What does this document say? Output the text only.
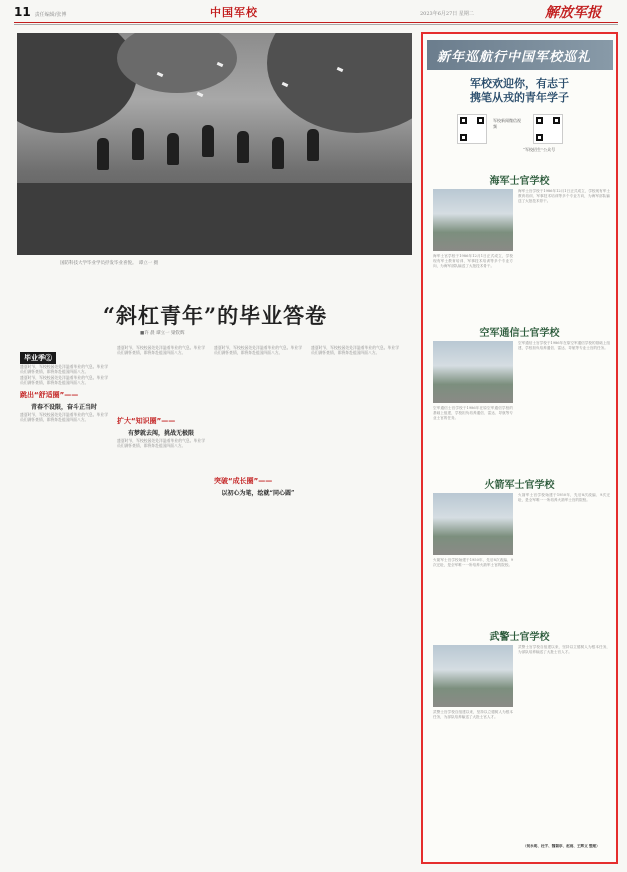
11 责任编辑/张博	中国军校	2023年6月27日 星期二	解放军报
国防科技大学毕业学员抒发毕业喜悦。　 谭立一 摄
“斜杠青年”的毕业答卷
■许 晨 谭立一 梁钦辉
毕业季②

盛夏时节，军校校园处处洋溢着毕业的气息。毕业学员们满怀豪情，即将奔赴祖国四面八方。

盛夏时节，军校校园处处洋溢着毕业的气息。毕业学员们满怀豪情，即将奔赴祖国四面八方。

跳出“舒适圈”——
青春不设限，奋斗正当时

盛夏时节，军校校园处处洋溢着毕业的气息。毕业学员们满怀豪情，即将奔赴祖国四面八方。

盛夏时节，军校校园处处洋溢着毕业的气息。毕业学员们满怀豪情，即将奔赴祖国四面八方。

扩大“知识圈”——
有梦就去闯，挑战无极限

盛夏时节，军校校园处处洋溢着毕业的气息。毕业学员们满怀豪情，即将奔赴祖国四面八方。

盛夏时节，军校校园处处洋溢着毕业的气息。毕业学员们满怀豪情，即将奔赴祖国四面八方。

突破“成长圈”——
以初心为笔，绘就“同心圆”

盛夏时节，军校校园处处洋溢着毕业的气息。毕业学员们满怀豪情，即将奔赴祖国四面八方。

新年巡航行中国军校巡礼
军校欢迎你，有志于
携笔从戎的青年学子
军校新闻微信视频
“军校招生”公众号
海军士官学校
海军士官学校于1986年12月1日正式成立，学校现有军士教育培训、军事技术培训等多个专业方向，为海军部队输送了大批技术骨干。
海军士官学校于1986年12月1日正式成立，学校现有军士教育培训、军事技术培训等多个专业方向，为海军部队输送了大批技术骨干。
空军通信士官学校
空军通信士官学校于1986年在原空军通信学校的基础上组建，学校担负培养通信、雷达、导航等专业士官的任务。
空军通信士官学校于1986年在原空军通信学校的基础上组建，学校担负培养通信、雷达、导航等专业士官的任务。
火箭军士官学校
火箭军士官学校始建于1950年，先后8次改编、9次迁址，是全军唯一一所培养火箭军士官的院校。
火箭军士官学校始建于1950年，先后8次改编、9次迁址，是全军唯一一所培养火箭军士官的院校。
武警士官学校
武警士官学校自组建以来，坚持以立德树人为根本任务，为部队培养输送了大批士官人才。
武警士官学校自组建以来，坚持以立德树人为根本任务，为部队培养输送了大批士官人才。
（何永明、杜宇、魏韬亭、赵雨、王辉文 整理）
